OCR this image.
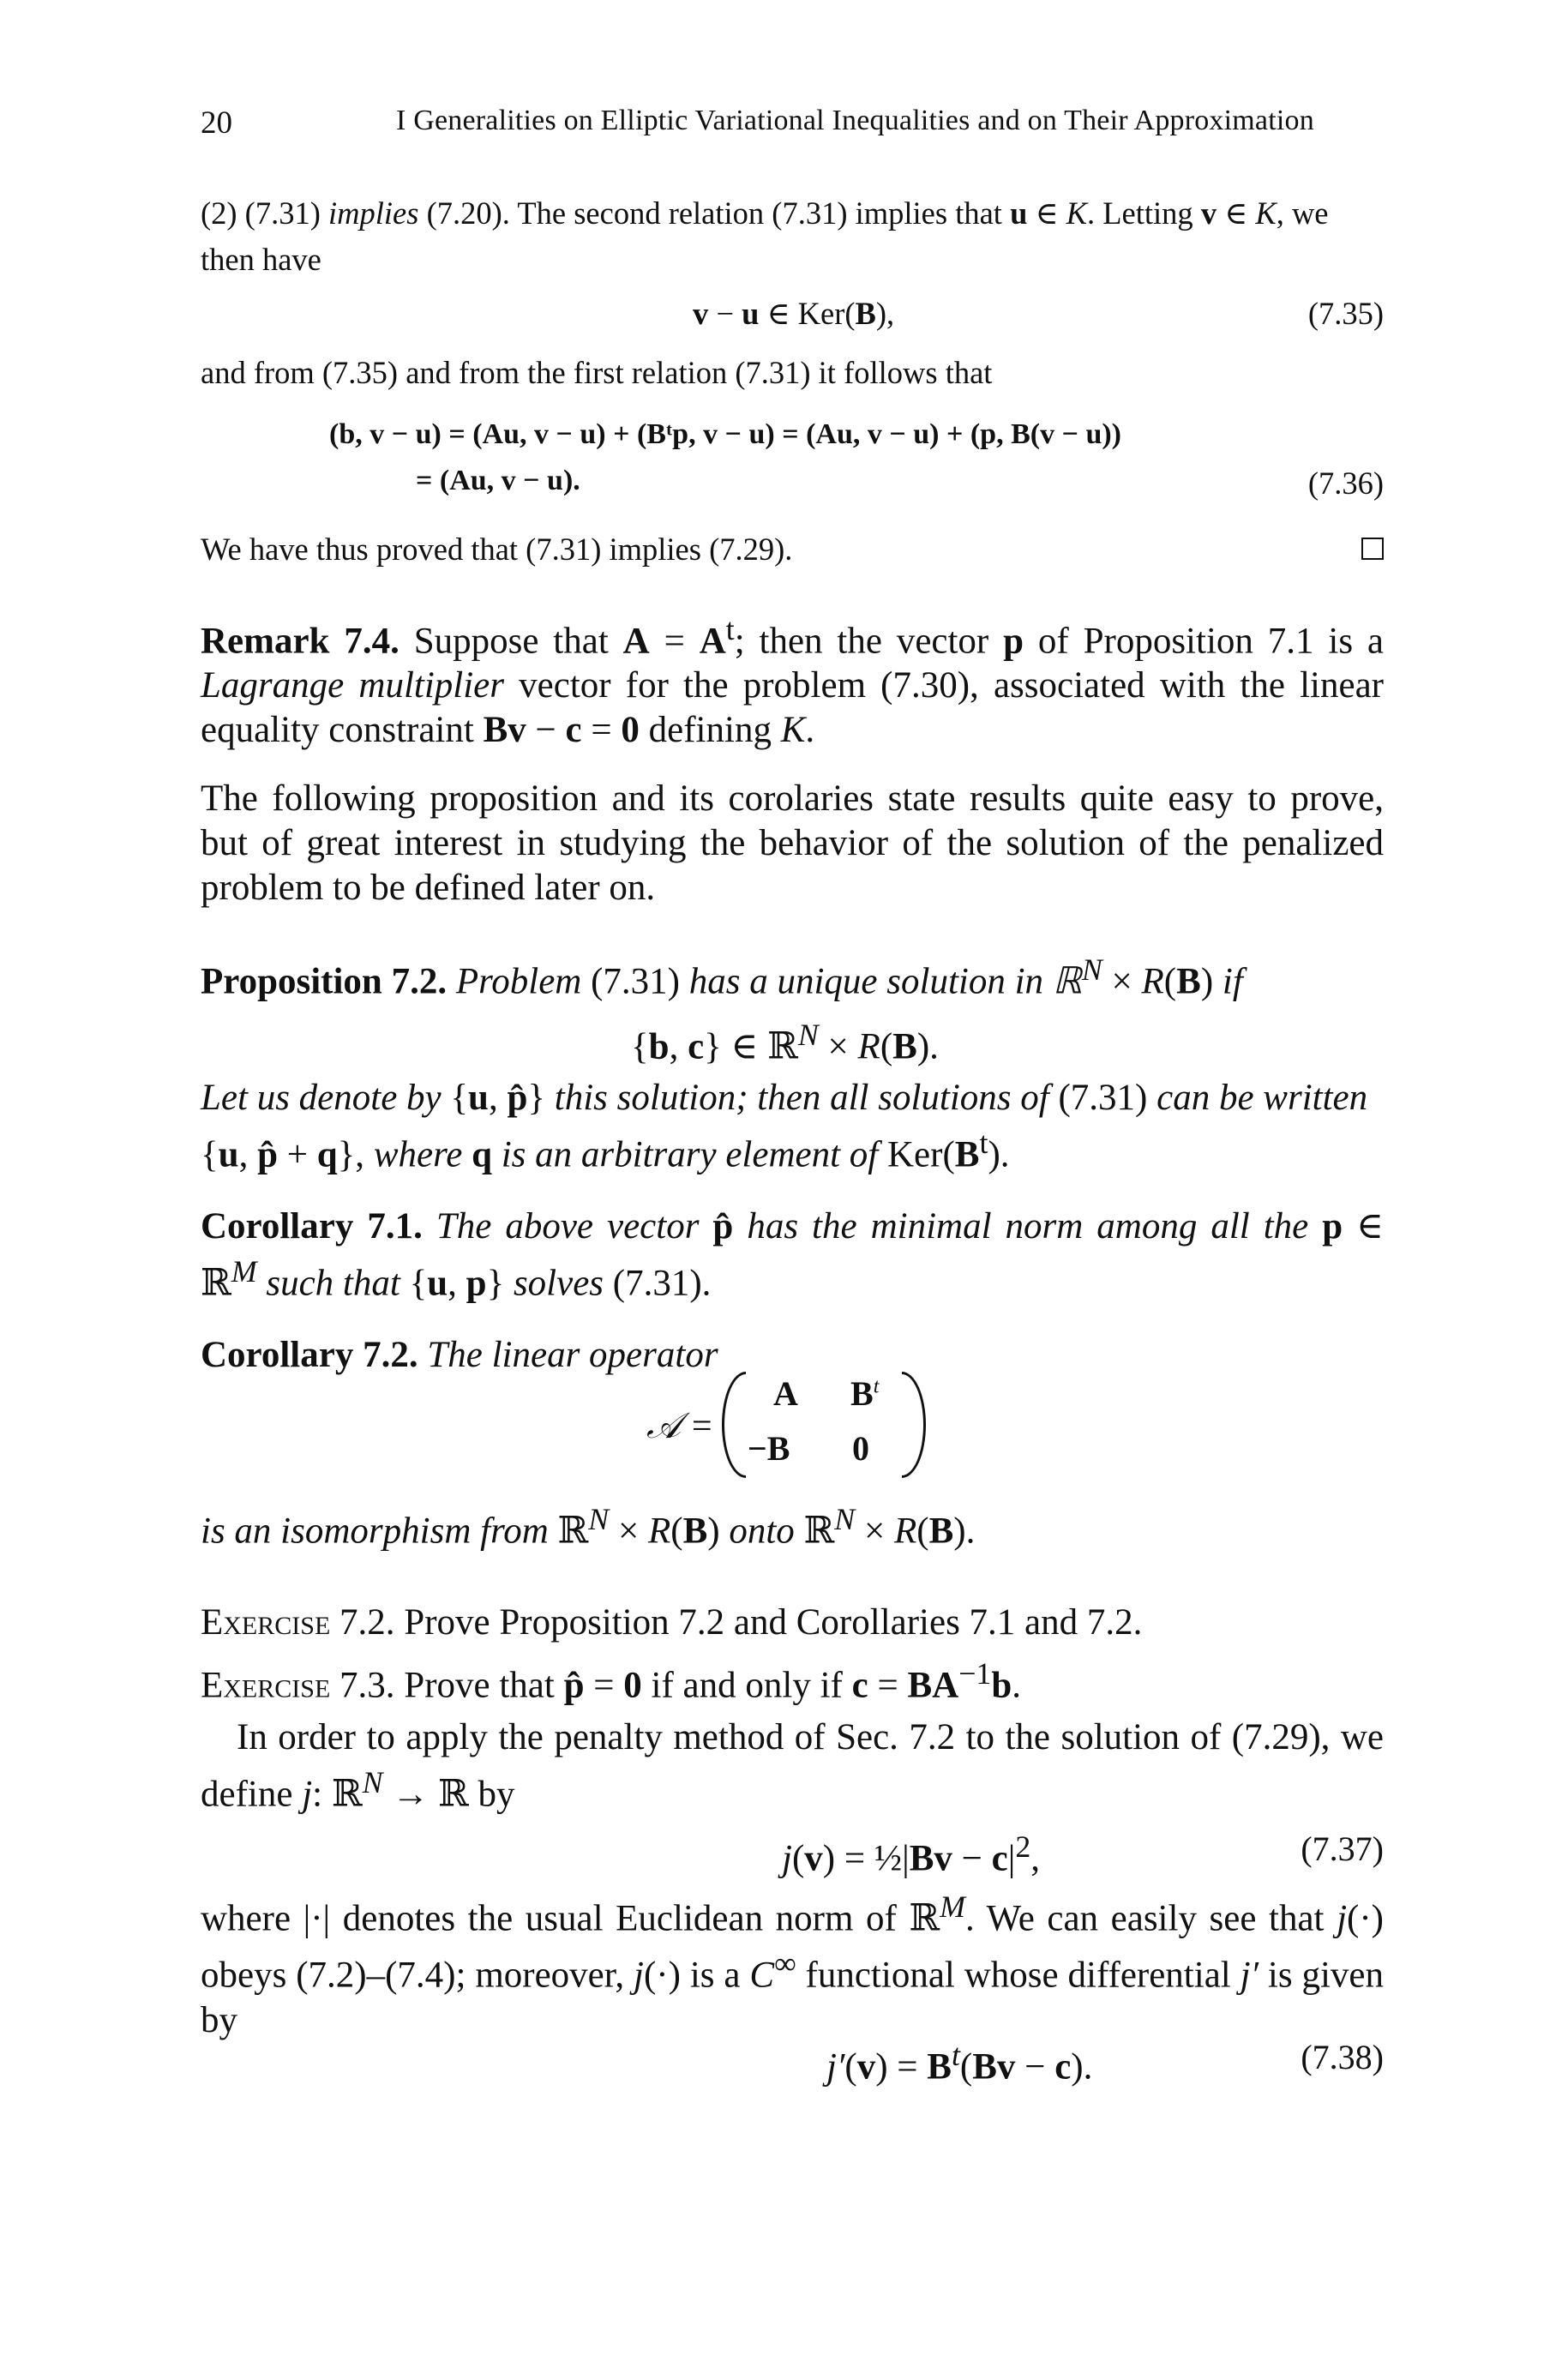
20	I Generalities on Elliptic Variational Inequalities and on Their Approximation
(2) (7.31) implies (7.20). The second relation (7.31) implies that u ∈ K. Letting v ∈ K, we then have
v − u ∈ Ker(B),	(7.35)
and from (7.35) and from the first relation (7.31) it follows that
(b, v − u) = (Au, v − u) + (Bᵗp, v − u) = (Au, v − u) + (p, B(v − u))
= (Au, v − u).	(7.36)
We have thus proved that (7.31) implies (7.29).
Remark 7.4. Suppose that $A = A^t$; then the vector p of Proposition 7.1 is a Lagrange multiplier vector for the problem (7.30), associated with the linear equality constraint Bv − c = 0 defining K.
The following proposition and its corolaries state results quite easy to prove, but of great interest in studying the behavior of the solution of the penalized problem to be defined later on.
Proposition 7.2. Problem (7.31) has a unique solution in ℝ$^N$ × R(B) if
{b, c} ∈ ℝ$^N$ × R(B).
Let us denote by {u, p̂} this solution; then all solutions of (7.31) can be written
{u, p̂ + q}, where q is an arbitrary element of $Ker(B^t)$.
Corollary 7.1. The above vector p̂ has the minimal norm among all the p ∈ ℝ$^M$ such that {u, p} solves (7.31).
Corollary 7.2. The linear operator
𝒜 =
A $B^t$
−B 0
is an isomorphism from ℝ$^N$ × R(B) onto ℝ$^N$ × R(B).
Exercise 7.2. Prove Proposition 7.2 and Corollaries 7.1 and 7.2.
Exercise 7.3. Prove that p̂ = 0 if and only if $c = BA^{-1}b$.
In order to apply the penalty method of Sec. 7.2 to the solution of (7.29), we define j: ℝ$^N$ → ℝ by
j(v) = ½|Bv − $c|^2$,	(7.37)
where |·| denotes the usual Euclidean norm of ℝ$^M$. We can easily see that j(·) obeys (7.2)–(7.4); moreover, j(·) is a C∞ functional whose differential j′ is given by
$j'(v) = B^t(Bv - c)$.	(7.38)
